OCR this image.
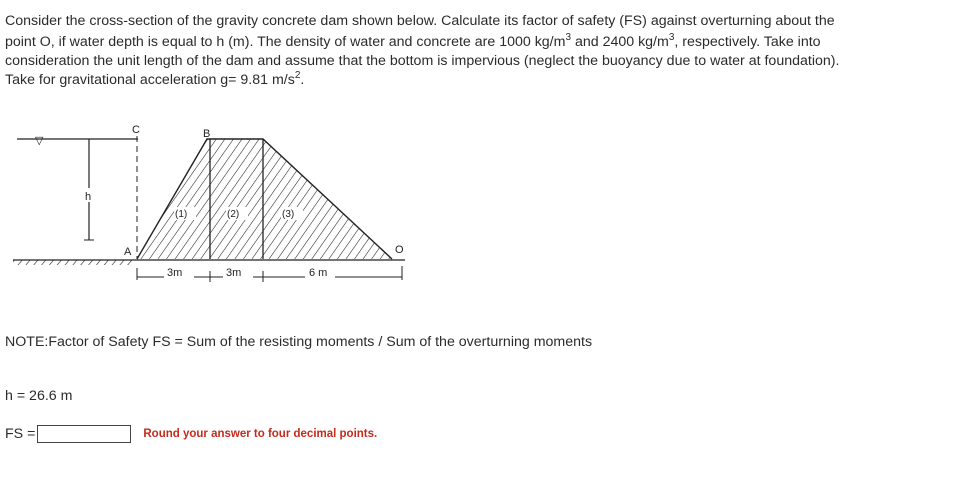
Consider the cross-section of the gravity concrete dam shown below. Calculate its factor of safety (FS) against overturning about the
point O, if water depth is equal to h (m). The density of water and concrete are 1000 $kg/m^3$ and 2400 $kg/m^3$, respectively. Take into
consideration the unit length of the dam and assume that the bottom is impervious (neglect the buoyancy due to water at foundation).
Take for gravitational acceleration g= 9.81 $m/s^2$.
▽
h
C	B
A	O
(1)	(2)	(3)
3m	3m	6 m
NOTE:Factor of Safety FS = Sum of the resisting moments / Sum of the overturning moments
h = 26.6 m
FS =	Round your answer to four decimal points.
